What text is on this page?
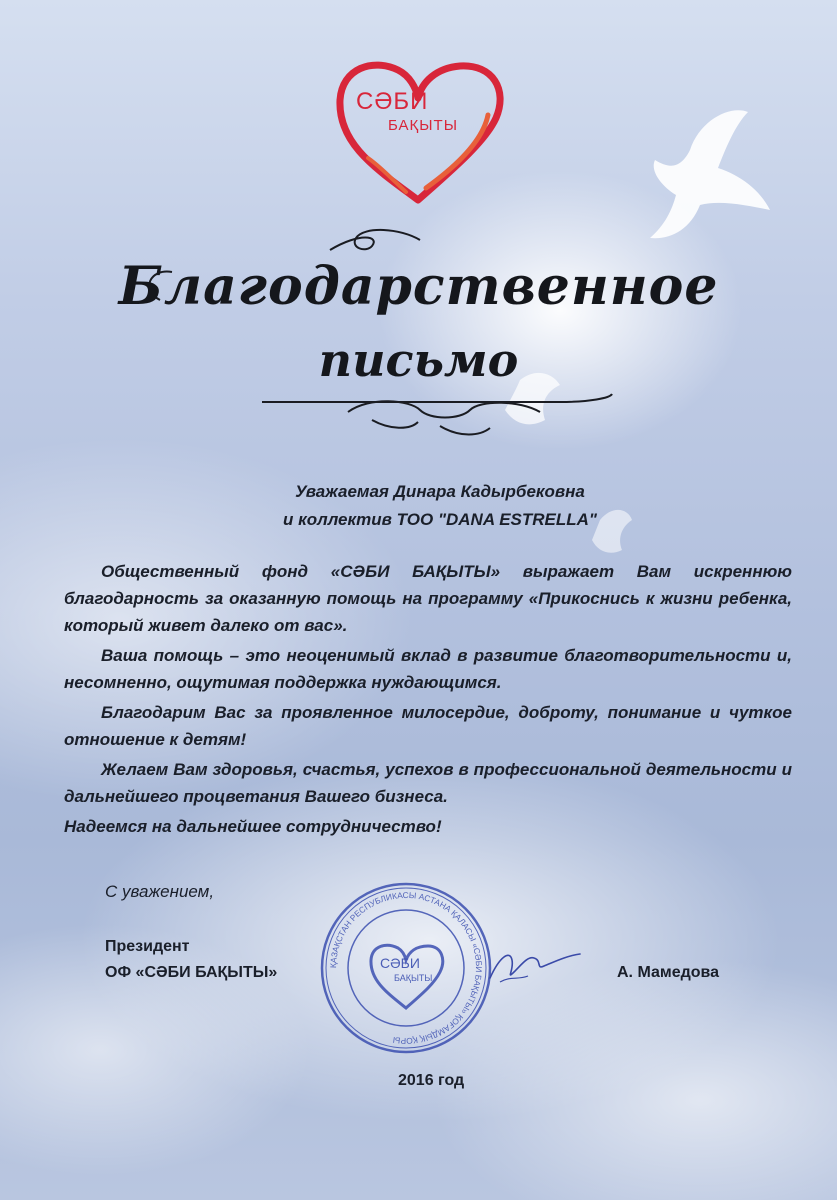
СӘБИ
БАҚЫТЫ
Благодарственное
письмо
Уважаемая Динара Кадырбековна
и коллектив ТОО "DANA ESTRELLA"

Общественный фонд «СӘБИ БАҚЫТЫ» выражает Вам искреннюю благодарность за оказанную помощь на программу «Прикоснись к жизни ребенка, который живет далеко от вас».

Ваша помощь – это неоценимый вклад в развитие благотворительности и, несомненно, ощутимая поддержка нуждающимся.

Благодарим Вас за проявленное милосердие, доброту, понимание и чуткое отношение к детям!

Желаем Вам здоровья, счастья, успехов в профессиональной деятельности и дальнейшего процветания Вашего бизнеса.

Надеемся на дальнейшее сотрудничество!

С уважением,
Президент
ОФ «СӘБИ БАҚЫТЫ»	А. Мамедова
ҚАЗАҚСТАН РЕСПУБЛИКАСЫ АСТАНА ҚАЛАСЫ «СӘБИ БАҚЫТЫ» ҚОҒАМДЫҚ ҚОРЫ
СӘБИ
БАҚЫТЫ
2016 год
